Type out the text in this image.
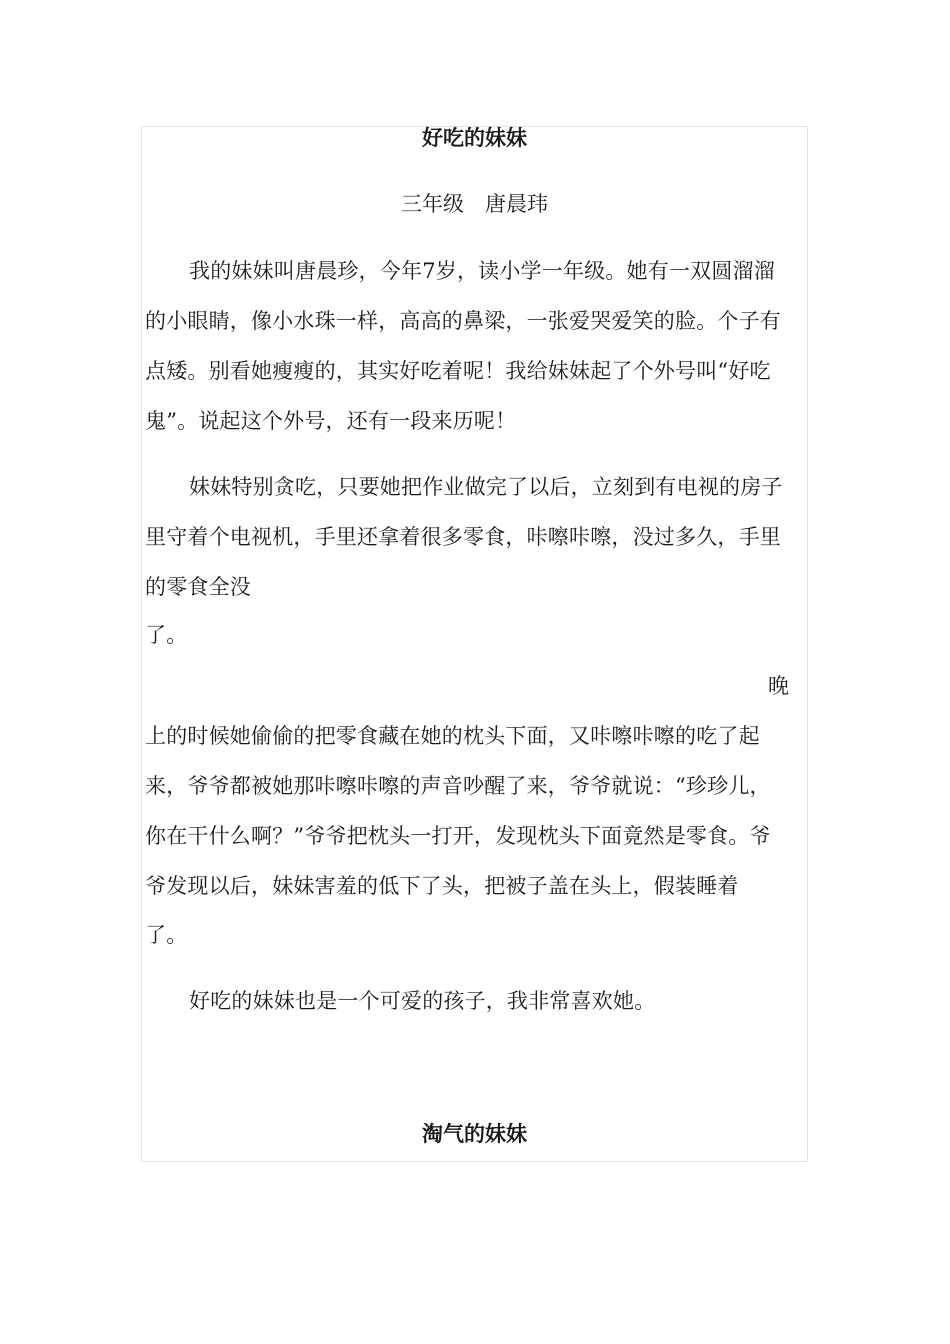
好吃的妹妹
三年级　唐晨玮
我的妹妹叫唐晨珍，今年7岁，读小学一年级。她有一双圆溜溜
的小眼睛，像小水珠一样，高高的鼻梁，一张爱哭爱笑的脸。个子有
点矮。别看她瘦瘦的，其实好吃着呢！我给妹妹起了个外号叫“好吃
鬼”。说起这个外号，还有一段来历呢！
妹妹特别贪吃，只要她把作业做完了以后，立刻到有电视的房子
里守着个电视机，手里还拿着很多零食，咔嚓咔嚓，没过多久，手里
的零食全没
了。
晚
上的时候她偷偷的把零食藏在她的枕头下面，又咔嚓咔嚓的吃了起
来，爷爷都被她那咔嚓咔嚓的声音吵醒了来，爷爷就说：“珍珍儿，
你在干什么啊？”爷爷把枕头一打开，发现枕头下面竟然是零食。爷
爷发现以后，妹妹害羞的低下了头，把被子盖在头上，假装睡着
了。
好吃的妹妹也是一个可爱的孩子，我非常喜欢她。
淘气的妹妹
